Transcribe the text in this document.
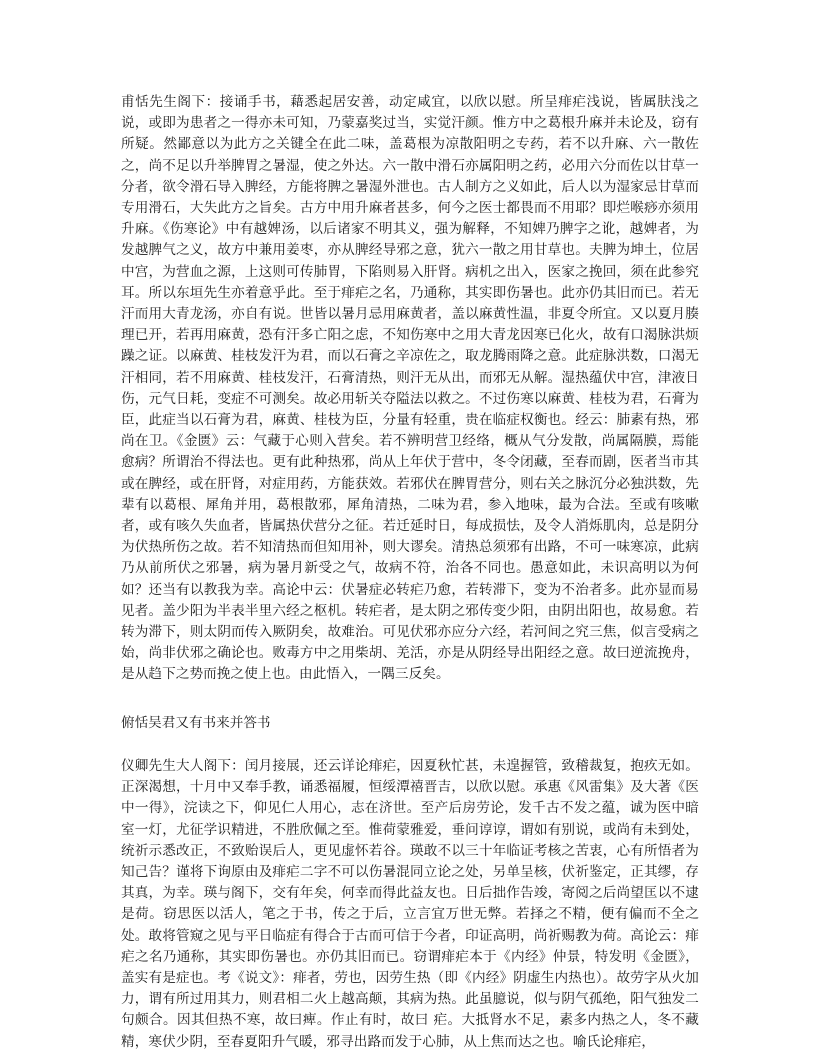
甫恬先生阁下：接诵手书，藉悉起居安善，动定咸宜，以欣以慰。所呈痱疟浅说，皆属肤浅之说，或即为患者之一得亦未可知，乃蒙嘉奖过当，实觉汗颜。惟方中之葛根升麻并未论及，窃有所疑。然鄙意以为此方之关键全在此二味，盖葛根为凉散阳明之专药，若不以升麻、六一散佐之，尚不足以升举脾胃之暑湿，使之外达。六一散中滑石亦属阳明之药，必用六分而佐以甘草一分者，欲令滑石导入脾经，方能将脾之暑湿外泄也。古人制方之义如此，后人以为湿家忌甘草而专用滑石，大失此方之旨矣。古方中用升麻者甚多，何今之医士都畏而不用耶？即烂喉痧亦须用升麻。《伤寒论》中有越婢汤，以后诸家不明其义，强为解释，不知婢乃脾字之讹，越婢者，为发越脾气之义，故方中兼用姜枣，亦从脾经导邪之意，犹六一散之用甘草也。夫脾为坤土，位居中宫，为营血之源，上这则可传肺胃，下陷则易入肝肾。病机之出入，医家之挽回，须在此参究耳。所以东垣先生亦着意乎此。至于痱疟之名，乃通称，其实即伤暑也。此亦仍其旧而已。若无汗而用大青龙汤，亦自有说。世皆以暑月忌用麻黄者，盖以麻黄性温，非夏令所宜。又以夏月腠理已开，若再用麻黄，恐有汗多亡阳之虑，不知伤寒中之用大青龙因寒已化火，故有口渴脉洪烦躁之证。以麻黄、桂枝发汗为君，而以石膏之辛凉佐之，取龙腾雨降之意。此症脉洪数，口渴无汗相同，若不用麻黄、桂枝发汗，石膏清热，则汗无从出，而邪无从解。湿热蕴伏中宫，津液日伤，元气日耗，变症不可测矣。故必用斩关夺隘法以救之。不过伤寒以麻黄、桂枝为君，石膏为臣，此症当以石膏为君，麻黄、桂枝为臣，分量有轻重，贵在临症权衡也。经云：肺素有热，邪尚在卫。《金匮》云：气藏于心则入营矣。若不辨明营卫经络，概从气分发散，尚属隔膜，焉能愈病？所谓治不得法也。更有此种热邪，尚从上年伏于营中，冬令闭藏，至春而剧，医者当市其或在脾经，或在肝肾，对症用药，方能获效。若邪伏在脾胃营分，则右关之脉沉分必独洪数，先辈有以葛根、犀角并用，葛根散邪，犀角清热，二味为君，参入地味，最为合法。至或有咳嗽者，或有咳久失血者，皆属热伏营分之征。若迁延时日，每成损怯，及令人消烁肌肉，总是阴分为伏热所伤之故。若不知清热而但知用补，则大谬矣。清热总须邪有出路，不可一味寒凉，此病乃从前所伏之邪暑，病为暑月新受之气，故病不符，治各不同也。愚意如此，未识高明以为何如？还当有以教我为幸。高论中云：伏暑症必转疟乃愈，若转滞下，变为不治者多。此亦显而易见者。盖少阳为半表半里六经之枢机。转疟者，是太阴之邪传变少阳，由阴出阳也，故易愈。若转为滞下，则太阴而传入厥阴矣，故难治。可见伏邪亦应分六经，若河间之究三焦，似言受病之始，尚非伏邪之确论也。败毒方中之用柴胡、羌活，亦是从阴经导出阳经之意。故曰逆流挽舟，是从趋下之势而挽之使上也。由此悟入，一隅三反矣。

俯恬吴君又有书来并答书

仪卿先生大人阁下：闰月接展，还云详论痱疟，因夏秋忙甚，未遑握管，致稽裁复，抱疚无如。正深渴想，十月中又奉手教，诵悉福履，恒绥潭禧晋吉，以欣以慰。承惠《风雷集》及大著《医中一得》，浣读之下，仰见仁人用心，志在济世。至产后房劳论，发千古不发之蕴，诚为医中暗室一灯，尤征学识精进，不胜欣佩之至。惟荷蒙雅爱，垂问谆谆，谓如有别说，或尚有未到处，统祈示悉改正，不致贻误后人，更见虚怀若谷。瑛敢不以三十年临证考核之苦衷，心有所悟者为知己告？谨将下询原由及痱疟二字不可以伤暑混同立论之处，另单呈核，伏祈鉴定，正其缪，存其真，为幸。瑛与阁下，交有年矣，何幸而得此益友也。日后拙作告竣，寄阅之后尚望匡以不逮是荷。窃思医以活人，笔之于书，传之于后，立言宜万世无弊。若择之不精，便有偏而不全之处。敢将管窥之见与平日临症有得合于古而可信于今者，印证高明，尚祈赐教为荷。高论云：痱疟之名乃通称，其实即伤暑也。亦仍其旧而已。窃谓痱疟本于《内经》仲景，特发明《金匮》，盖实有是症也。考《说文》：痱者，劳也，因劳生热（即《内经》阴虚生内热也）。故劳字从火加力，谓有所过用其力，则君相二火上越高颠，其病为热。此虽臆说，似与阴气孤绝，阳气独发二句颇合。因其但热不寒，故曰痺。作止有时，故曰 疟。大抵肾水不足，素多内热之人，冬不藏精，寒伏少阴，至春夏阳升气暖，邪寻出路而发于心肺，从上焦而达之也。喻氏论痱疟，
